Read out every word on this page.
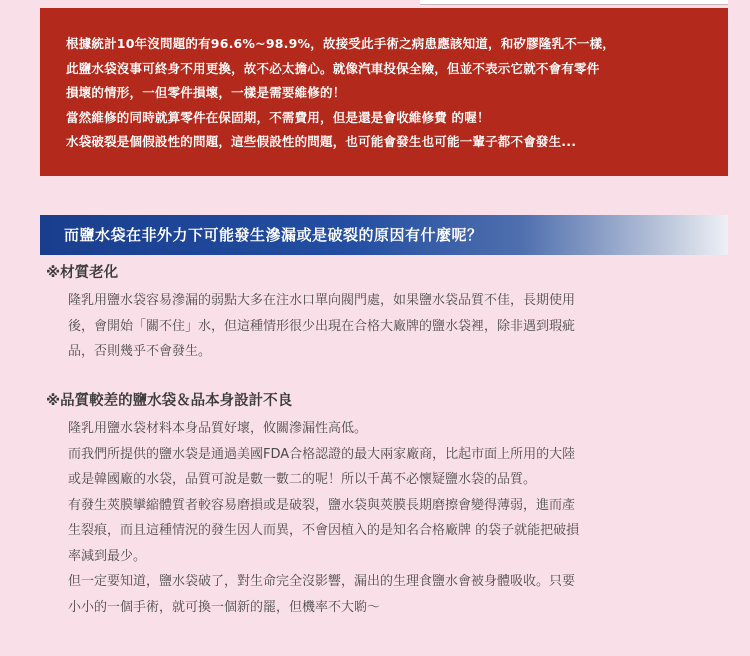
根據統計10年沒問題的有96.6%~98.9%，故接受此手術之病患應該知道，和矽膠隆乳不一樣，

此鹽水袋沒事可終身不用更換，故不必太擔心。就像汽車投保全險，但並不表示它就不會有零件

損壞的情形，一但零件損壞，一樣是需要維修的！

當然維修的同時就算零件在保固期，不需費用，但是還是會收維修費 的喔！

水袋破裂是個假設性的問題，這些假設性的問題，也可能會發生也可能一輩子都不會發生...

而鹽水袋在非外力下可能發生滲漏或是破裂的原因有什麼呢？
※材質老化

隆乳用鹽水袋容易滲漏的弱點大多在注水口單向閥門處，如果鹽水袋品質不佳，長期使用

後，會開始「關不住」水，但這種情形很少出現在合格大廠牌的鹽水袋裡，除非遇到瑕疵

品，否則幾乎不會發生。

※品質較差的鹽水袋＆品本身設計不良

隆乳用鹽水袋材料本身品質好壞，攸關滲漏性高低。

而我們所提供的鹽水袋是通過美國FDA合格認證的最大兩家廠商，比起市面上所用的大陸

或是韓國廠的水袋，品質可說是數一數二的呢！所以千萬不必懷疑鹽水袋的品質。

有發生莢膜攣縮體質者較容易磨損或是破裂，鹽水袋與莢膜長期磨擦會變得薄弱，進而產

生裂痕，而且這種情況的發生因人而異，不會因植入的是知名合格廠牌 的袋子就能把破損

率減到最少。

但一定要知道，鹽水袋破了，對生命完全沒影響，漏出的生理食鹽水會被身體吸收。只要

小小的一個手術，就可換一個新的罷，但機率不大喲～
